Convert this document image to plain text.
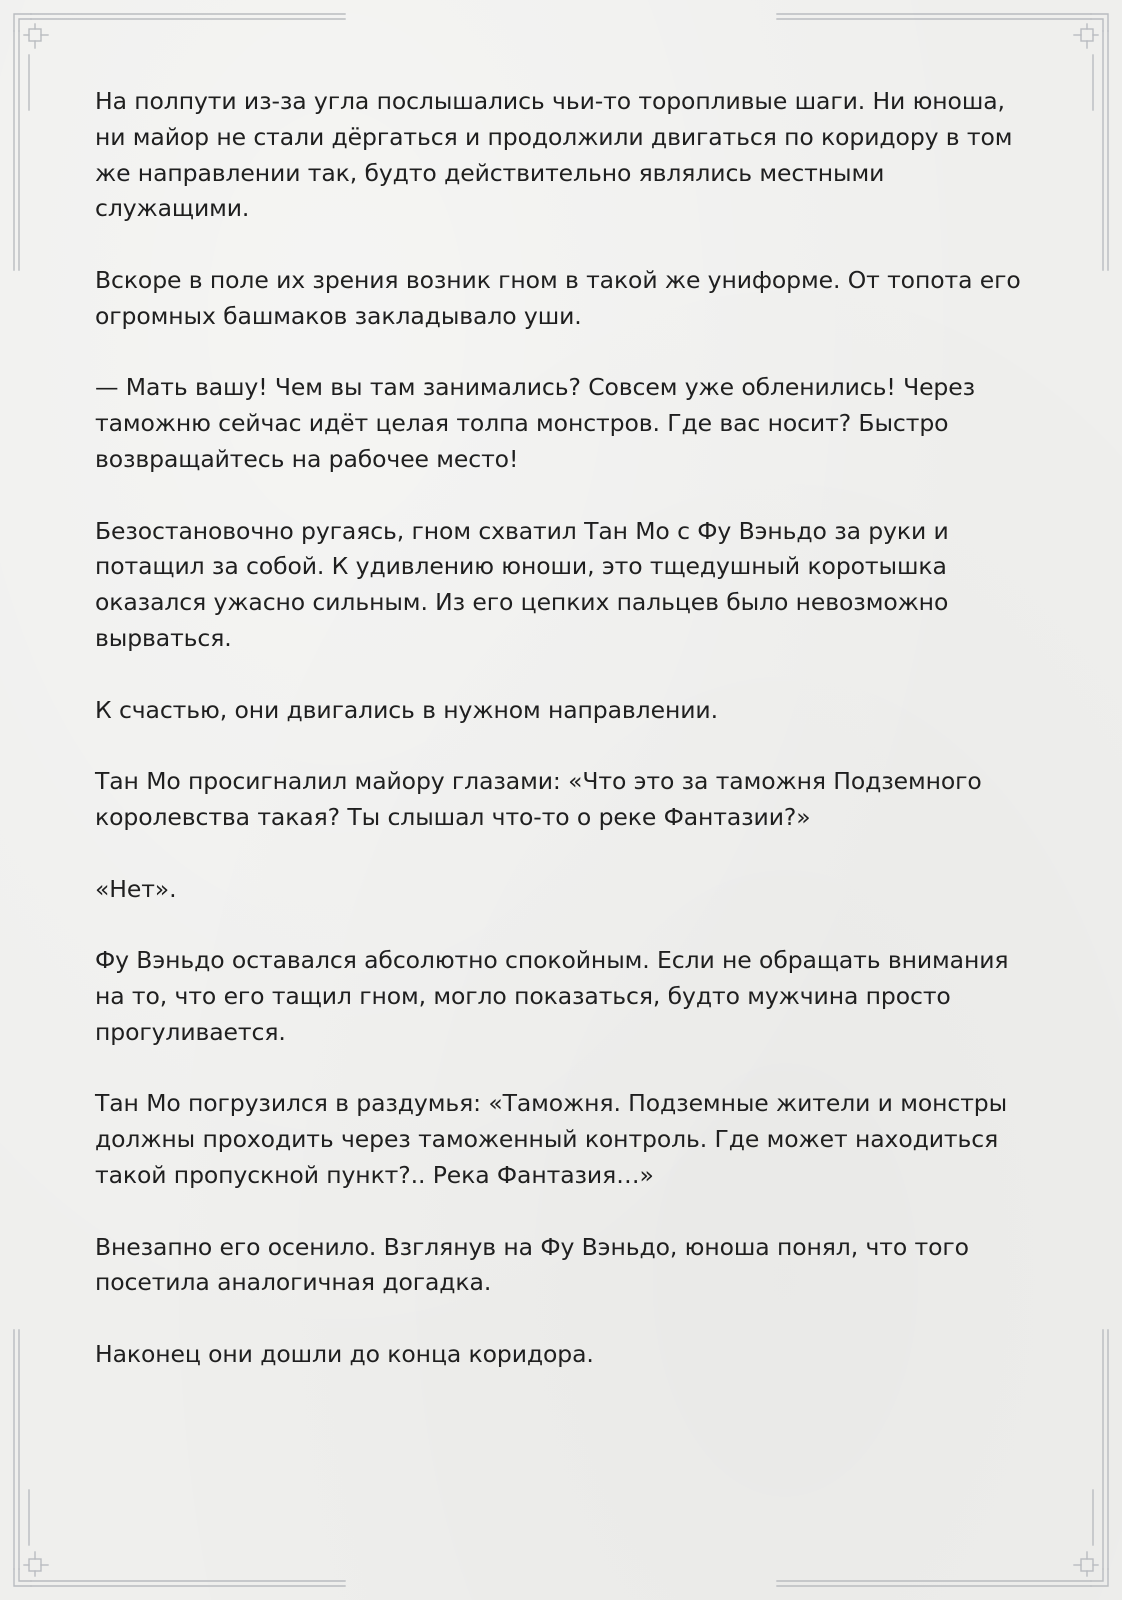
На полпути из-за угла послышались чьи-то торопливые шаги. Ни юноша,
ни майор не стали дёргаться и продолжили двигаться по коридору в том
же направлении так, будто действительно являлись местными
служащими.

Вскоре в поле их зрения возник гном в такой же униформе. От топота его
огромных башмаков закладывало уши.

— Мать вашу! Чем вы там занимались? Совсем уже обленились! Через
таможню сейчас идёт целая толпа монстров. Где вас носит? Быстро
возвращайтесь на рабочее место!

Безостановочно ругаясь, гном схватил Тан Мо с Фу Вэньдо за руки и
потащил за собой. К удивлению юноши, это тщедушный коротышка
оказался ужасно сильным. Из его цепких пальцев было невозможно
вырваться.

К счастью, они двигались в нужном направлении.

Тан Мо просигналил майору глазами: «Что это за таможня Подземного
королевства такая? Ты слышал что-то о реке Фантазии?»

«Нет».

Фу Вэньдо оставался абсолютно спокойным. Если не обращать внимания
на то, что его тащил гном, могло показаться, будто мужчина просто
прогуливается.

Тан Мо погрузился в раздумья: «Таможня. Подземные жители и монстры
должны проходить через таможенный контроль. Где может находиться
такой пропускной пункт?.. Река Фантазия…»

Внезапно его осенило. Взглянув на Фу Вэньдо, юноша понял, что того
посетила аналогичная догадка.

Наконец они дошли до конца коридора.
